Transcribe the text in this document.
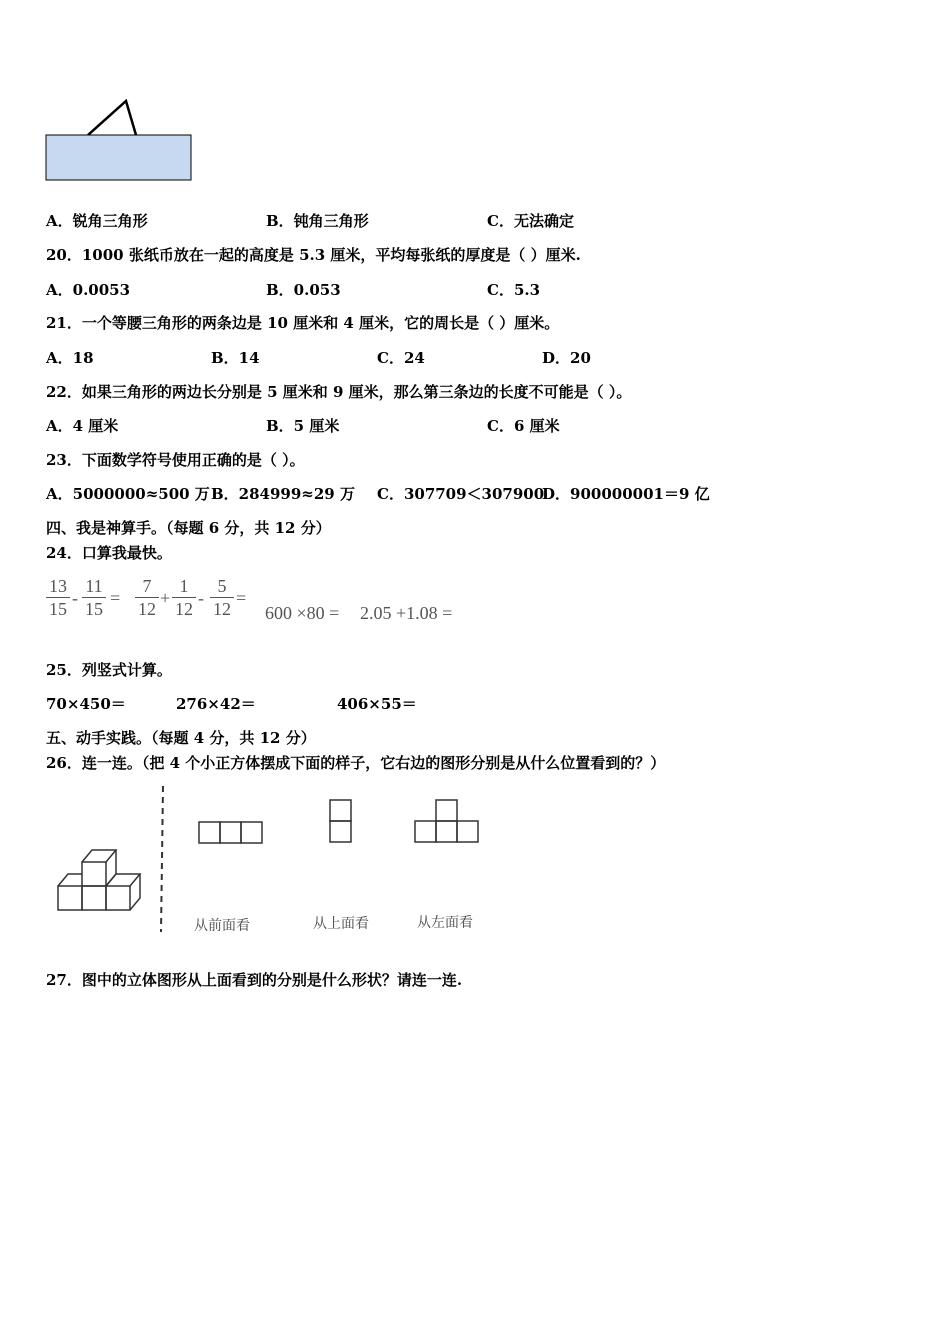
A．锐角三角形	B．钝角三角形	C．无法确定
20．1000 张纸币放在一起的高度是 5.3 厘米，平均每张纸的厚度是（ ）厘米.
A．0.0053	B．0.053	C．5.3
21．一个等腰三角形的两条边是 10 厘米和 4 厘米，它的周长是（ ）厘米。
A．18	B．14	C．24	D．20
22．如果三角形的两边长分别是 5 厘米和 9 厘米，那么第三条边的长度不可能是（ ）。
A．4 厘米	B．5 厘米	C．6 厘米
23．下面数学符号使用正确的是（ ）。
A．5000000≈500 万 B．284999≈29 万 C．307709＜307900
D．900000001＝9 亿
四、我是神算手。（每题 6 分，共 12 分）
24．口算我最快。
13
15
-
11
15
=
7
12
+
1
12
-
5
12
=
600 ×80 = 2.05 +1.08 =
25．列竖式计算。
70×450＝	276×42＝	406×55＝
五、动手实践。（每题 4 分，共 12 分）
26．连一连。（把 4 个小正方体摆成下面的样子，它右边的图形分别是从什么位置看到的？）
从前面看	从上面看	从左面看
27．图中的立体图形从上面看到的分别是什么形状？请连一连.
